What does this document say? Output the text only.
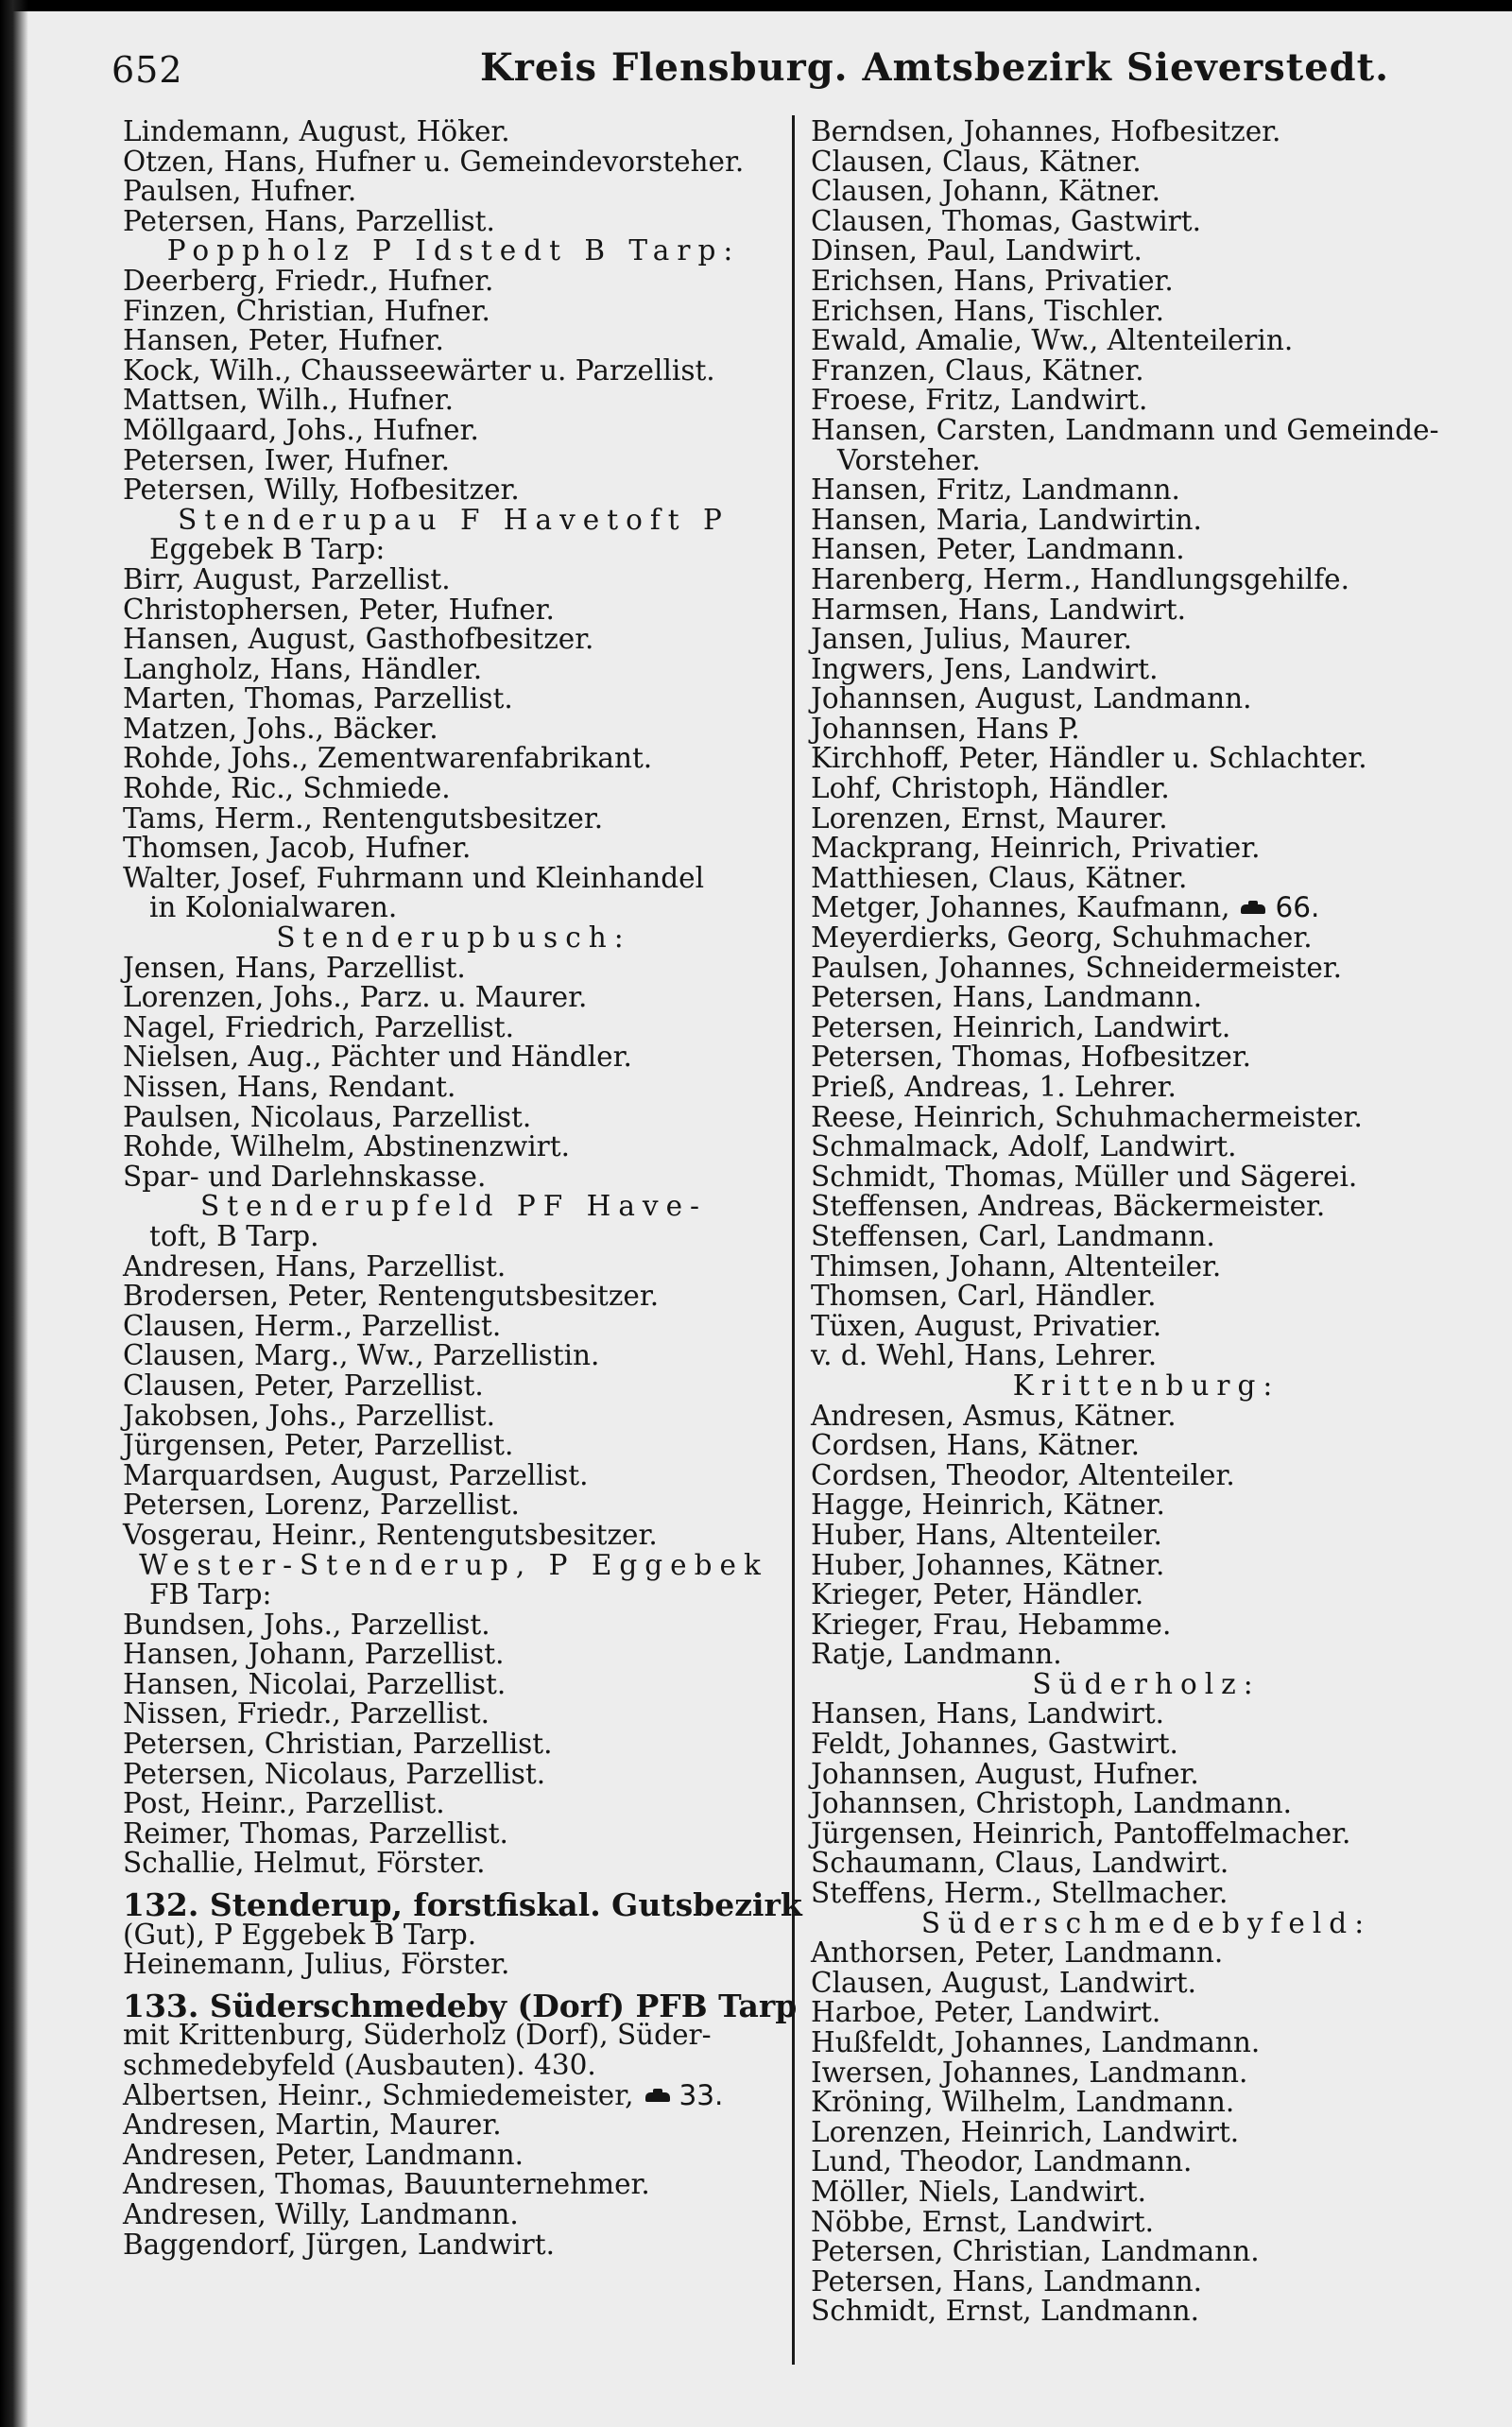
652	Kreis Flensburg. Amtsbezirk Sieverstedt.
Lindemann, August, Höker.
Otzen, Hans, Hufner u. Gemeindevorsteher.
Paulsen, Hufner.
Petersen, Hans, Parzellist.
Poppholz P Idstedt B Tarp:
Deerberg, Friedr., Hufner.
Finzen, Christian, Hufner.
Hansen, Peter, Hufner.
Kock, Wilh., Chausseewärter u. Parzellist.
Mattsen, Wilh., Hufner.
Möllgaard, Johs., Hufner.
Petersen, Iwer, Hufner.
Petersen, Willy, Hofbesitzer.
Stenderupau F Havetoft P
Eggebek B Tarp:
Birr, August, Parzellist.
Christophersen, Peter, Hufner.
Hansen, August, Gasthofbesitzer.
Langholz, Hans, Händler.
Marten, Thomas, Parzellist.
Matzen, Johs., Bäcker.
Rohde, Johs., Zementwarenfabrikant.
Rohde, Ric., Schmiede.
Tams, Herm., Rentengutsbesitzer.
Thomsen, Jacob, Hufner.
Walter, Josef, Fuhrmann und Kleinhandel
in Kolonialwaren.
Stenderupbusch:
Jensen, Hans, Parzellist.
Lorenzen, Johs., Parz. u. Maurer.
Nagel, Friedrich, Parzellist.
Nielsen, Aug., Pächter und Händler.
Nissen, Hans, Rendant.
Paulsen, Nicolaus, Parzellist.
Rohde, Wilhelm, Abstinenzwirt.
Spar- und Darlehnskasse.
Stenderupfeld PF Have-
toft, B Tarp.
Andresen, Hans, Parzellist.
Brodersen, Peter, Rentengutsbesitzer.
Clausen, Herm., Parzellist.
Clausen, Marg., Ww., Parzellistin.
Clausen, Peter, Parzellist.
Jakobsen, Johs., Parzellist.
Jürgensen, Peter, Parzellist.
Marquardsen, August, Parzellist.
Petersen, Lorenz, Parzellist.
Vosgerau, Heinr., Rentengutsbesitzer.
Wester-Stenderup, P Eggebek
FB Tarp:
Bundsen, Johs., Parzellist.
Hansen, Johann, Parzellist.
Hansen, Nicolai, Parzellist.
Nissen, Friedr., Parzellist.
Petersen, Christian, Parzellist.
Petersen, Nicolaus, Parzellist.
Post, Heinr., Parzellist.
Reimer, Thomas, Parzellist.
Schallie, Helmut, Förster.
132. Stenderup, forstfiskal. Gutsbezirk
(Gut), P Eggebek B Tarp.
Heinemann, Julius, Förster.
133. Süderschmedeby (Dorf) PFB Tarp
mit Krittenburg, Süderholz (Dorf), Süder-
schmedebyfeld (Ausbauten). 430.
Albertsen, Heinr., Schmiedemeister, 33.
Andresen, Martin, Maurer.
Andresen, Peter, Landmann.
Andresen, Thomas, Bauunternehmer.
Andresen, Willy, Landmann.
Baggendorf, Jürgen, Landwirt.
Berndsen, Johannes, Hofbesitzer.
Clausen, Claus, Kätner.
Clausen, Johann, Kätner.
Clausen, Thomas, Gastwirt.
Dinsen, Paul, Landwirt.
Erichsen, Hans, Privatier.
Erichsen, Hans, Tischler.
Ewald, Amalie, Ww., Altenteilerin.
Franzen, Claus, Kätner.
Froese, Fritz, Landwirt.
Hansen, Carsten, Landmann und Gemeinde-
Vorsteher.
Hansen, Fritz, Landmann.
Hansen, Maria, Landwirtin.
Hansen, Peter, Landmann.
Harenberg, Herm., Handlungsgehilfe.
Harmsen, Hans, Landwirt.
Jansen, Julius, Maurer.
Ingwers, Jens, Landwirt.
Johannsen, August, Landmann.
Johannsen, Hans P.
Kirchhoff, Peter, Händler u. Schlachter.
Lohf, Christoph, Händler.
Lorenzen, Ernst, Maurer.
Mackprang, Heinrich, Privatier.
Matthiesen, Claus, Kätner.
Metger, Johannes, Kaufmann, 66.
Meyerdierks, Georg, Schuhmacher.
Paulsen, Johannes, Schneidermeister.
Petersen, Hans, Landmann.
Petersen, Heinrich, Landwirt.
Petersen, Thomas, Hofbesitzer.
Prieß, Andreas, 1. Lehrer.
Reese, Heinrich, Schuhmachermeister.
Schmalmack, Adolf, Landwirt.
Schmidt, Thomas, Müller und Sägerei.
Steffensen, Andreas, Bäckermeister.
Steffensen, Carl, Landmann.
Thimsen, Johann, Altenteiler.
Thomsen, Carl, Händler.
Tüxen, August, Privatier.
v. d. Wehl, Hans, Lehrer.
Krittenburg:
Andresen, Asmus, Kätner.
Cordsen, Hans, Kätner.
Cordsen, Theodor, Altenteiler.
Hagge, Heinrich, Kätner.
Huber, Hans, Altenteiler.
Huber, Johannes, Kätner.
Krieger, Peter, Händler.
Krieger, Frau, Hebamme.
Ratje, Landmann.
Süderholz:
Hansen, Hans, Landwirt.
Feldt, Johannes, Gastwirt.
Johannsen, August, Hufner.
Johannsen, Christoph, Landmann.
Jürgensen, Heinrich, Pantoffelmacher.
Schaumann, Claus, Landwirt.
Steffens, Herm., Stellmacher.
Süderschmedebyfeld:
Anthorsen, Peter, Landmann.
Clausen, August, Landwirt.
Harboe, Peter, Landwirt.
Hußfeldt, Johannes, Landmann.
Iwersen, Johannes, Landmann.
Kröning, Wilhelm, Landmann.
Lorenzen, Heinrich, Landwirt.
Lund, Theodor, Landmann.
Möller, Niels, Landwirt.
Nöbbe, Ernst, Landwirt.
Petersen, Christian, Landmann.
Petersen, Hans, Landmann.
Schmidt, Ernst, Landmann.
